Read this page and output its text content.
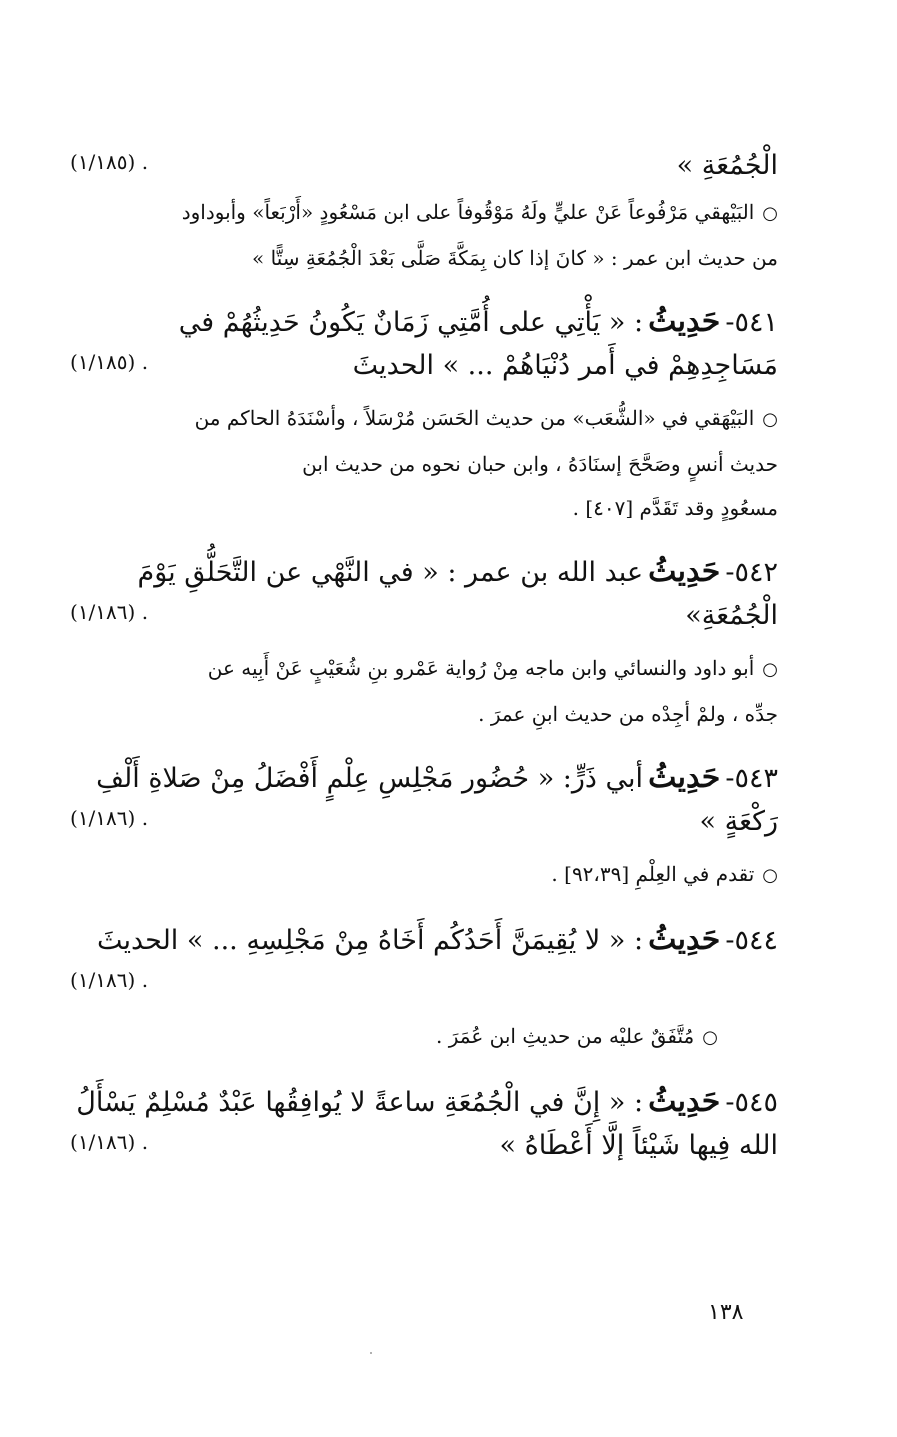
الْجُمُعَةِ »
(١/١٨٥) .
○البَيْهقي مَرْفُوعاً عَنْ عليٍّ ولَهُ مَوْقُوفاً على ابن مَسْعُودٍ «أَرْبَعاً» وأبوداود
من حديث ابن عمر : « كانَ إذا كان بِمَكَّةَ صَلَّى بَعْدَ الْجُمُعَةِ سِتًّا »
٥٤١- حَدِيثُ : « يَأْتِي على أُمَّتِي زَمَانٌ يَكُونُ حَدِيثُهُمْ في
مَسَاجِدِهِمْ في أَمر دُنْيَاهُمْ ... » الحديثَ
(١/١٨٥) .
○البَيْهَقي في «الشُّعَب» من حديث الحَسَن مُرْسَلاً ، وأسْنَدَهُ الحاكم من
حديث أنسٍ وصَحَّحَ إسنَادَهُ ، وابن حبان نحوه من حديث ابن
مسعُودٍ وقد تَقَدَّم [٤٠٧] .
٥٤٢- حَدِيثُ عبد الله بن عمر : « في النَّهْي عن التَّحَلُّقِ يَوْمَ
الْجُمُعَةِ»
(١/١٨٦) .
○أبو داود والنسائي وابن ماجه مِنْ رُواية عَمْرو بنِ شُعَيْبٍ عَنْ أَبِيه عن
جدِّه ، ولمْ أجِدْه من حديث ابنِ عمرَ .
٥٤٣- حَدِيثُ أبي ذَرٍّ: « حُضُور مَجْلِسِ عِلْمٍ أَفْضَلُ مِنْ صَلاةِ أَلْفِ
رَكْعَةٍ »
(١/١٨٦) .
○تقدم في العِلْمِ [٩٢،٣٩] .
٥٤٤- حَدِيثُ : « لا يُقِيمَنَّ أَحَدُكُم أَخَاهُ مِنْ مَجْلِسِهِ ... » الحديثَ
(١/١٨٦) .
○مُتَّفَقٌ عليْه من حديثِ ابن عُمَرَ .
٥٤٥- حَدِيثُ : « إِنَّ في الْجُمُعَةِ ساعةً لا يُوافِقُها عَبْدٌ مُسْلِمٌ يَسْأَلُ
الله فِيها شَيْئاً إلَّا أَعْطَاهُ »
(١/١٨٦) .
١٣٨
